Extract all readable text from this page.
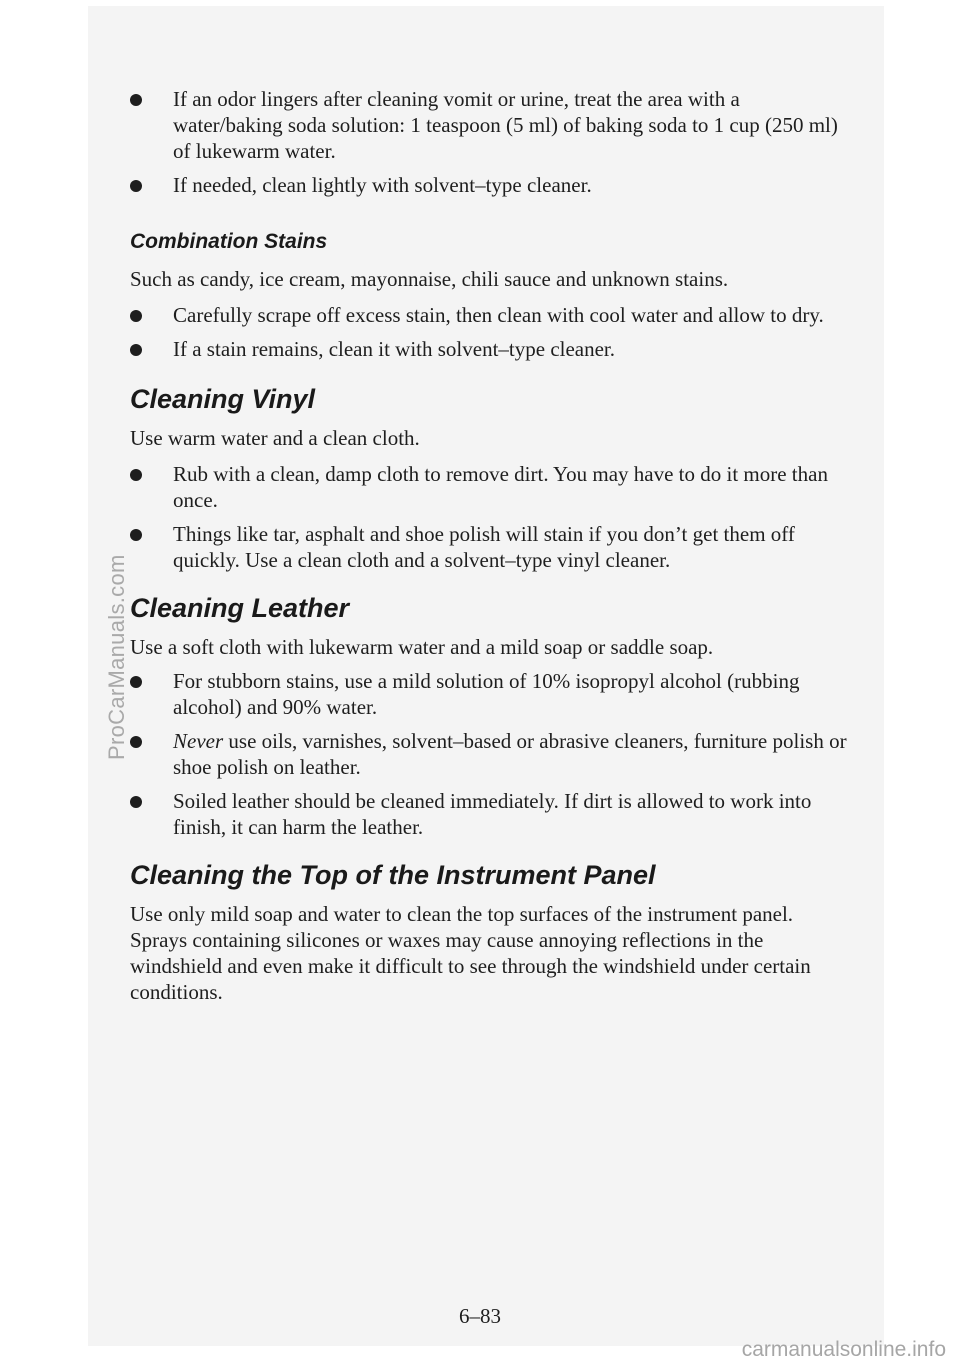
If an odor lingers after cleaning vomit or urine, treat the area with a water/baking soda solution: 1 teaspoon (5 ml) of baking soda to 1 cup (250 ml) of lukewarm water.
If needed, clean lightly with solvent–type cleaner.
Combination Stains
Such as candy, ice cream, mayonnaise, chili sauce and unknown stains.
Carefully scrape off excess stain, then clean with cool water and allow to dry.
If a stain remains, clean it with solvent–type cleaner.
Cleaning Vinyl
Use warm water and a clean cloth.
Rub with a clean, damp cloth to remove dirt. You may have to do it more than once.
Things like tar, asphalt and shoe polish will stain if you don’t get them off quickly. Use a clean cloth and a solvent–type vinyl cleaner.
Cleaning Leather
Use a soft cloth with lukewarm water and a mild soap or saddle soap.
For stubborn stains, use a mild solution of 10% isopropyl alcohol (rubbing alcohol) and 90% water.
Never use oils, varnishes, solvent–based or abrasive cleaners, furniture polish or shoe polish on leather.
Soiled leather should be cleaned immediately. If dirt is allowed to work into finish, it can harm the leather.
Cleaning the Top of the Instrument Panel
Use only mild soap and water to clean the top surfaces of the instrument panel. Sprays containing silicones or waxes may cause annoying reflections in the windshield and even make it difficult to see through the windshield under certain conditions.
6–83
ProCarManuals.com
carmanualsonline.info
